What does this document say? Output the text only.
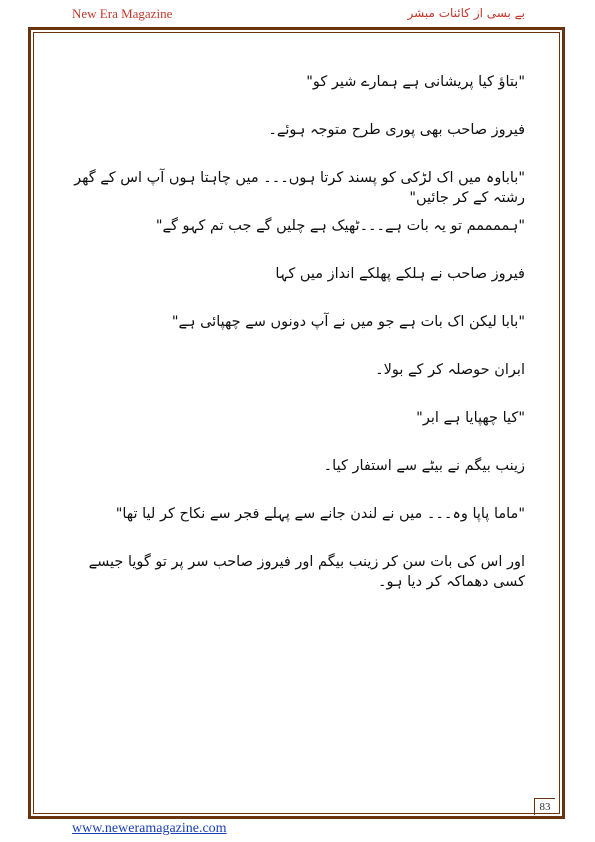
New Era Magazine	بے بسی از کائنات مبشر

"بتاؤ کیا پریشانی ہے ہمارے شیر کو"

فیروز صاحب بھی پوری طرح متوجہ ہوئے۔

"باباوہ میں اک لڑکی کو پسند کرتا ہوں۔۔۔ میں چاہتا ہوں آپ اس کے گھر رشتہ کے کر جائیں"

"ہممممم تو یہ بات ہے۔۔۔ٹھیک ہے چلیں گے جب تم کہو گے"

فیروز صاحب نے ہلکے پھلکے انداز میں کہا

"بابا لیکن اک بات ہے جو میں نے آپ دونوں سے چھپائی ہے"

ابران حوصلہ کر کے بولا۔

"کیا چھپایا ہے ابر"

زینب بیگم نے بیٹے سے استفار کیا۔

"ماما پاپا وہ۔۔۔ میں نے لندن جانے سے پہلے فجر سے نکاح کر لیا تھا"

اور اس کی بات سن کر زینب بیگم اور فیروز صاحب سر پر تو گویا جیسے کسی دھماکہ کر دیا ہو۔

83
www.neweramagazine.com
